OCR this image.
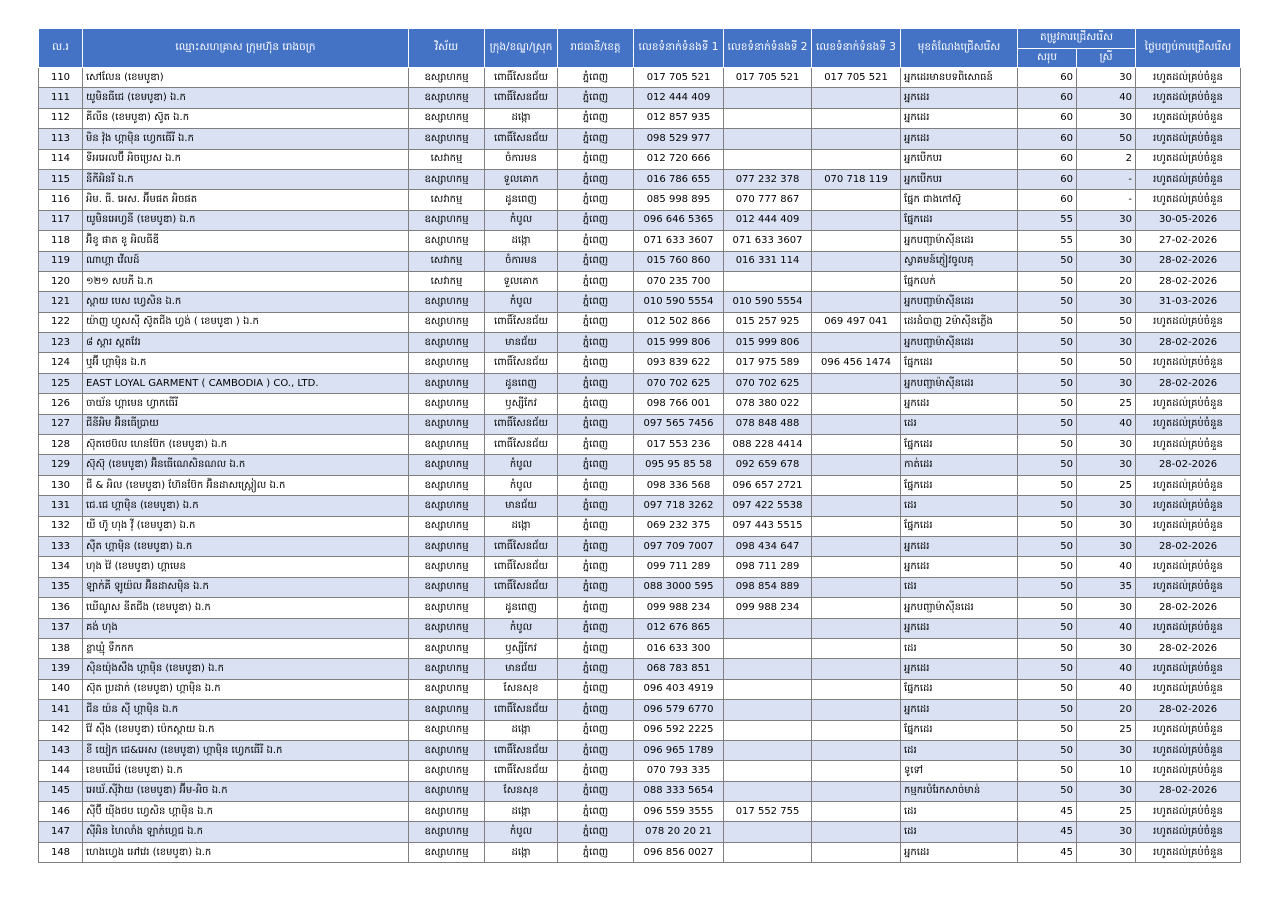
ល.រ	ឈ្មោះសហគ្រាស ក្រុមហ៊ុន រោងចក្រ	វិស័យ	ក្រុង/ខណ្ឌ/ស្រុក	រាជធានី/ខេត្ត	លេខទំនាក់ទំនងទី 1	លេខទំនាក់ទំនងទី 2	លេខទំនាក់ទំនងទី 3	មុខតំណែងជ្រើសរើស	តម្រូវការជ្រើសរើស		ថ្ងៃបញ្ចប់ការជ្រើសរើស
									សរុប	ស្រី	
110	សៅលែន (ខេមបូឌា)	ឧស្សាហកម្ម	ពោធិ៍សែនជ័យ	ភ្នំពេញ	017 705 521	017 705 521	017 705 521	អ្នកដេរមានបទពិសោធន៍	60	30	រហូតដល់គ្រប់ចំនួន
111	យូមិនធីជេ (ខេមបូឌា) ឯ.ក	ឧស្សាហកម្ម	ពោធិ៍សែនជ័យ	ភ្នំពេញ	012 444 409			អ្នកដេរ	60	40	រហូតដល់គ្រប់ចំនួន
112	គីលីន (ខេមបូឌា) ស៊ូត ឯ.ក	ឧស្សាហកម្ម	ដង្កោ	ភ្នំពេញ	012 857 935			អ្នកដេរ	60	30	រហូតដល់គ្រប់ចំនួន
113	មិន វ៉ុង ហ្គាម៉ិន ហ្វេកធើរី ឯ.ក	ឧស្សាហកម្ម	ពោធិ៍សែនជ័យ	ភ្នំពេញ	098 529 977			អ្នកដេរ	60	50	រហូតដល់គ្រប់ចំនួន
114	ទីអអេលប៊ី អិចប្រេស ឯ.ក	សេវាកម្ម	ចំការមន	ភ្នំពេញ	012 720 666			អ្នកបើកបរ	60	2	រហូតដល់គ្រប់ចំនួន
115	នីកីអិនរី ឯ.ក	ឧស្សាហកម្ម	ទួលគោក	ភ្នំពេញ	016 786 655	077 232 378	070 718 119	អ្នកបើកបរ	60	-	រហូតដល់គ្រប់ចំនួន
116	អិម. ធី. អេស. អ៊ីមផត អិចផត	សេវាកម្ម	ដូនពេញ	ភ្នំពេញ	085 998 895	070 777 867		ផ្នែក ជាងកៅស៊ូ	60	-	រហូតដល់គ្រប់ចំនួន
117	យូមិនអេហ្វនី (ខេមបូឌា) ឯ.ក	ឧស្សាហកម្ម	កំបូល	ភ្នំពេញ	096 646 5365	012 444 409		ផ្នែកដេរ	55	30	30-05-2026
118	អ៊ិខូ ផាត ខូ អិលធីឌី	ឧស្សាហកម្ម	ដង្កោ	ភ្នំពេញ	071 633 3607	071 633 3607		អ្នកបញ្ជាម៉ាស៊ីនដេរ	55	30	27-02-2026
119	ណាហ្គា វើលដ៍	សេវាកម្ម	ចំការមន	ភ្នំពេញ	015 760 860	016 331 114		ស្វាគមន៍ភ្ញៀវចូលគុ	50	30	28-02-2026
120	១២១ សបភី ឯ.ក	សេវាកម្ម	ទួលគោក	ភ្នំពេញ	070 235 700			ផ្នែកលក់	50	20	28-02-2026
121	ស្តាយ បេស ហ្វេសិន ឯ.ក	ឧស្សាហកម្ម	កំបូល	ភ្នំពេញ	010 590 5554	010 590 5554		អ្នកបញ្ជាម៉ាស៊ីនដេរ	50	30	31-03-2026
122	យ៉ាញ ហ្វូសស៊ី ស៊ូតជីង ហ្វង់ ( ខេមបូឌា ) ឯ.ក	ឧស្សាហកម្ម	ពោធិ៍សែនជ័យ	ភ្នំពេញ	012 502 866	015 257 925	069 497 041	ដេរដំបាញ 2ម៉ាស៊ីនភ្លើង	50	50	រហូតដល់គ្រប់ចំនួន
123	៨ ស្តារ ស្ពតវែរ	ឧស្សាហកម្ម	មានជ័យ	ភ្នំពេញ	015 999 806	015 999 806		អ្នកបញ្ជាម៉ាស៊ីនដេរ	50	30	28-02-2026
124	ឬអ៊ី ហ្គាម៉ិន ឯ.ក	ឧស្សាហកម្ម	ពោធិ៍សែនជ័យ	ភ្នំពេញ	093 839 622	017 975 589	096 456 1474	ផ្នែកដេរ	50	50	រហូតដល់គ្រប់ចំនួន
125	EAST LOYAL GARMENT ( CAMBODIA ) CO., LTD.	ឧស្សាហកម្ម	ដូនពេញ	ភ្នំពេញ	070 702 625	070 702 625		អ្នកបញ្ជាម៉ាស៊ីនដេរ	50	30	28-02-2026
126	ចាយ័ន ហ្គាមេន ហ្វាកធើរី	ឧស្សាហកម្ម	ឫស្សីកែវ	ភ្នំពេញ	098 766 001	078 380 022		អ្នកដេរ	50	25	រហូតដល់គ្រប់ចំនួន
127	ជីនីអិម អ៊ិនធើប្រាយ	ឧស្សាហកម្ម	ពោធិ៍សែនជ័យ	ភ្នំពេញ	097 565 7456	078 848 488		ដេរ	50	40	រហូតដល់គ្រប់ចំនួន
128	ស៊ុតថេប៊ល ហេនប៊ែក (ខេមបូឌា) ឯ.ក	ឧស្សាហកម្ម	ពោធិ៍សែនជ័យ	ភ្នំពេញ	017 553 236	088 228 4414		ផ្នែកដេរ	50	30	រហូតដល់គ្រប់ចំនួន
129	ស៊ុស៊ុ (ខេមបូឌា) អ៊ិនធើណេសិនណល ឯ.ក	ឧស្សាហកម្ម	កំបូល	ភ្នំពេញ	095 95 85 58	092 659 678		កាត់ដេរ	50	30	28-02-2026
130	ជី & អិល (ខេមបូឌា) ហ៊ែនប៊ែក អ៊ិនដាសស្ត្រៀល ឯ.ក	ឧស្សាហកម្ម	កំបូល	ភ្នំពេញ	098 336 568	096 657 2721		ផ្នែកដេរ	50	25	រហូតដល់គ្រប់ចំនួន
131	ជេ.ជេ ហ្គាម៉ិន (ខេមបូឌា) ឯ.ក	ឧស្សាហកម្ម	មានជ័យ	ភ្នំពេញ	097 718 3262	097 422 5538		ដេរ	50	30	រហូតដល់គ្រប់ចំនួន
132	យី ហ៊ូ ហុង វ៉ី (ខេមបូឌា) ឯ.ក	ឧស្សាហកម្ម	ដង្កោ	ភ្នំពេញ	069 232 375	097 443 5515		ផ្នែកដេរ	50	30	រហូតដល់គ្រប់ចំនួន
133	ស៊ឺត ហ្គាម៉ិន (ខេមបូឌា) ឯ.ក	ឧស្សាហកម្ម	ពោធិ៍សែនជ័យ	ភ្នំពេញ	097 709 7007	098 434 647		អ្នកដេរ	50	30	28-02-2026
134	ហុង វ៉ៃ (ខេមបូឌា) ហ្គាមេន	ឧស្សាហកម្ម	ពោធិ៍សែនជ័យ	ភ្នំពេញ	099 711 289	098 711 289		អ្នកដេរ	50	40	រហូតដល់គ្រប់ចំនួន
135	ឡាក់គី ឡូយ៉ល អ៊ិនដាសម៉ិន ឯ.ក	ឧស្សាហកម្ម	ពោធិ៍សែនជ័យ	ភ្នំពេញ	088 3000 595	098 854 889		ដេរ	50	35	រហូតដល់គ្រប់ចំនួន
136	ឃើណូស នីតជីង (ខេមបូឌា) ឯ.ក	ឧស្សាហកម្ម	ដូនពេញ	ភ្នំពេញ	099 988 234	099 988 234		អ្នកបញ្ជាម៉ាស៊ីនដេរ	50	30	28-02-2026
137	គង់ ហុង	ឧស្សាហកម្ម	កំបូល	ភ្នំពេញ	012 676 865			អ្នកដេរ	50	40	រហូតដល់គ្រប់ចំនួន
138	ខ្លាឃ្មុំ ទឹកកក	ឧស្សាហកម្ម	ឫស្សីកែវ	ភ្នំពេញ	016 633 300			ដេរ	50	30	28-02-2026
139	ស៊ិនយ៉ុងសឹង ហ្គាម៉ិន (ខេមបូឌា) ឯ.ក	ឧស្សាហកម្ម	មានជ័យ	ភ្នំពេញ	068 783 851			អ្នកដេរ	50	40	រហូតដល់គ្រប់ចំនួន
140	ស៊ុត ប្រដាក់ (ខេមបូឌា) ហ្គាម៉ិន ឯ.ក	ឧស្សាហកម្ម	សែនសុខ	ភ្នំពេញ	096 403 4919			ផ្នែកដេរ	50	40	រហូតដល់គ្រប់ចំនួន
141	ជីន យ៉ន ស៊ី ហ្គាម៉ិន ឯ.ក	ឧស្សាហកម្ម	ពោធិ៍សែនជ័យ	ភ្នំពេញ	096 579 6770			អ្នកដេរ	50	20	28-02-2026
142	វ៉ែ ស៊ីង (ខេមបូឌា) ប៉េកស្តាយ ឯ.ក	ឧស្សាហកម្ម	ដង្កោ	ភ្នំពេញ	096 592 2225			ផ្នែកដេរ	50	25	រហូតដល់គ្រប់ចំនួន
143	ខី យៀក ជេ&អេស (ខេមបូឌា) ហ្គាម៉ិន ហ្វេកធើរី ឯ.ក	ឧស្សាហកម្ម	ពោធិ៍សែនជ័យ	ភ្នំពេញ	096 965 1789			ដេរ	50	30	រហូតដល់គ្រប់ចំនួន
144	ខេមឃើរ៉េ (ខេមបូឌា) ឯ.ក	ឧស្សាហកម្ម	ពោធិ៍សែនជ័យ	ភ្នំពេញ	070 793 335			ទូទៅ	50	10	រហូតដល់គ្រប់ចំនួន
145	អេឃ័.ស៊ីវ៉ាយ (ខេមបូឌា) អ៊ីម-អិច ឯ.ក	ឧស្សាហកម្ម	សែនសុខ	ភ្នំពេញ	088 333 5654			កម្មករបំរែកសាច់មាន់	50	30	28-02-2026
146	ស៊ីប៊ី យ៉ីងថប ហ្វេសិន ហ្គាម៉ិន ឯ.ក	ឧស្សាហកម្ម	ដង្កោ	ភ្នំពេញ	096 559 3555	017 552 755		ដេរ	45	25	រហូតដល់គ្រប់ចំនួន
147	ស៊ីអិន ហៃលាំង ឡាក់ហ្គេជ ឯ.ក	ឧស្សាហកម្ម	កំបូល	ភ្នំពេញ	078 20 20 21			ដេរ	45	30	រហូតដល់គ្រប់ចំនួន
148	ហេងហ្វេង អៅវេរ (ខេមបូឌា) ឯ.ក	ឧស្សាហកម្ម	ដង្កោ	ភ្នំពេញ	096 856 0027			អ្នកដេរ	45	30	រហូតដល់គ្រប់ចំនួន
